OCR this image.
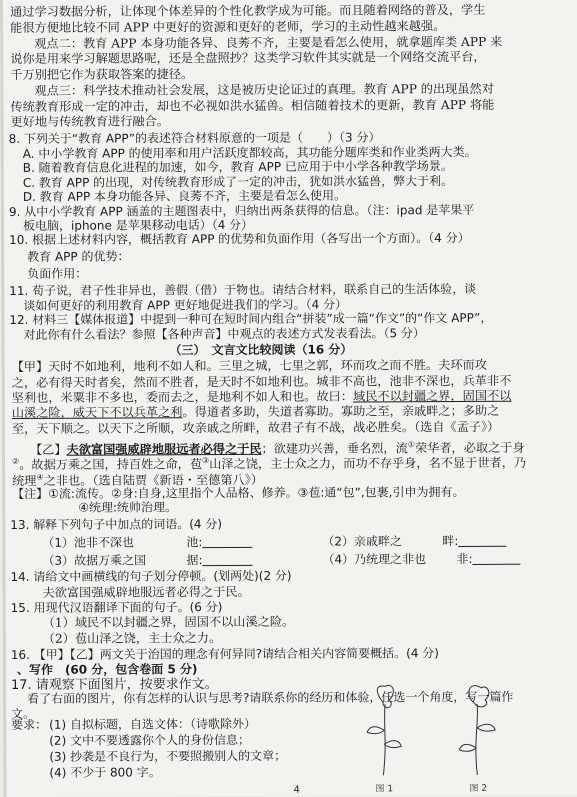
通过学习数据分析，让体现个体差异的个性化教学成为可能。而且随着网络的普及，学生
能很方便地比较不同 APP 中更好的资源和更好的老师，学习的主动性越来越强。
观点二：教育 APP 本身功能各异、良莠不齐，主要是看怎么使用，就拿题库类 APP 来
说你是用来学习解题思路呢，还是全盘照抄？这类学习软件其实就是一个网络交流平台，
千万别把它作为获取答案的捷径。
观点三：科学技术推动社会发展，这是被历史论证过的真理。教育 APP 的出现虽然对
传统教育形成一定的冲击，却也不必视如洪水猛兽。相信随着技术的更新，教育 APP 将能
更好地与传统教育进行融合。
8. 下列关于“教育 APP”的表述符合材料原意的一项是（　　）（3 分）
A. 中小学教育 APP 的使用率和用户活跃度都较高，其功能分题库类和作业类两大类。
B. 随着教育信息化进程的加速，如今，教育 APP 已应用于中小学各种教学场景。
C. 教育 APP 的出现，对传统教育形成了一定的冲击，犹如洪水猛兽，弊大于利。
D. 教育 APP 本身功能各异、良莠不齐，主要是看怎么使用。
9. 从中小学教育 APP 涵盖的主题图表中，归纳出两条获得的信息。（注：ipad 是苹果平
板电脑，iphone 是苹果移动电话）（4 分）
10. 根据上述材料内容，概括教育 APP 的优势和负面作用（各写出一个方面）。（4 分）
教育 APP 的优势：
负面作用：
11. 荀子说，君子性非异也，善假（借）于物也。请结合材料，联系自己的生活体验，谈
谈如何更好的利用教育 APP 更好地促进我们的学习。（4 分）
12. 材料三【媒体报道】中提到一种可在短时间内组合“拼装”成一篇“作文”的“作文 APP”，
对此你有什么看法？参照【各种声音】中观点的表述方式发表看法。（5 分）
（三）　文言文比较阅读（16 分）
【甲】天时不如地利，地利不如人和。三里之城，七里之郭，环而攻之而不胜。夫环而攻
之，必有得天时者矣，然而不胜者，是天时不如地利也。城非不高也，池非不深也，兵革非不
坚利也，米粟非不多也，委而去之，是地利不如人和也。故曰：域民不以封疆之界，固国不以
山溪之险，威天下不以兵革之利。得道者多助，失道者寡助。寡助之至，亲戚畔之；多助之
至，天下顺之。以天下之所顺，攻亲戚之所畔，故君子有不战，战必胜矣。（选自《孟子》）
【乙】夫欲富国强威辟地服远者必得之于民；欲建功兴善，垂名烈，流①荣华者，必取之于身
②。故据万乘之国，持百姓之命，苞③山泽之饶，主士众之力，而功不存乎身，名不显于世者，乃
统理④之非也。（选自陆贾《新语・至德第八》）
【注】①流:流传。②身:自身,这里指个人品格、修养。③苞:通“包”,包裹,引申为拥有。
④统理:统帅治理。
13. 解释下列句子中加点的词语。(4 分)
（1）池非不深也	池:	（2）亲戚畔之	畔:
（3）故据万乘之国	据:	（4）乃统理之非也	非:
14. 请给文中画横线的句子划分停顿。(划两处)(2 分)
夫欲富国强威辟地服远者必得之于民。
15. 用现代汉语翻译下面的句子。(6 分)
（1）域民不以封疆之界，固国不以山溪之险。
（2）苞山泽之饶，主士众之力。
16. 【甲】【乙】两文关于治国的理念有何异同?请结合相关内容简要概括。(4 分)
、写作　(60 分，包含卷面 5 分)
17. 请观察下面图片，按要求作文。
看了右面的图片，你有怎样的认识与思考?请联系你的经历和体验，任选一个角度，写一篇作
文。
4
要求： (1) 自拟标题，自选文体：（诗歌除外）
(2) 文中不要透露你个人的身份信息；
(3) 抄袭是不良行为，不要照搬别人的文章；
(4) 不少于 800 字。
图 1	图 2
